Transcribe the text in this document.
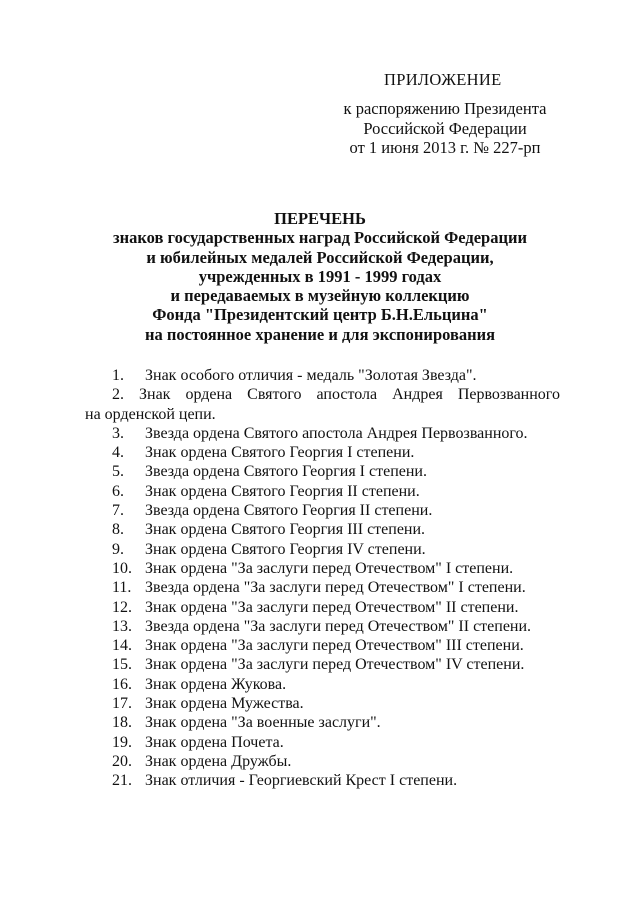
ПРИЛОЖЕНИЕ
к распоряжению Президента
Российской Федерации
от 1 июня 2013 г. № 227-рп
ПЕРЕЧЕНЬ
знаков государственных наград Российской Федерации
и юбилейных медалей Российской Федерации,
учрежденных в 1991 - 1999 годах
и передаваемых в музейную коллекцию
Фонда "Президентский центр Б.Н.Ельцина"
на постоянное хранение и для экспонирования
1.	Знак особого отличия - медаль "Золотая Звезда".
2. Знак ордена Святого апостола Андрея Первозванного
на орденской цепи.
3.	Звезда ордена Святого апостола Андрея Первозванного.
4.	Знак ордена Святого Георгия I степени.
5.	Звезда ордена Святого Георгия I степени.
6.	Знак ордена Святого Георгия II степени.
7.	Звезда ордена Святого Георгия II степени.
8.	Знак ордена Святого Георгия III степени.
9.	Знак ордена Святого Георгия IV степени.
10. Знак ордена "За заслуги перед Отечеством" I степени.
11. Звезда ордена "За заслуги перед Отечеством" I степени.
12. Знак ордена "За заслуги перед Отечеством" II степени.
13. Звезда ордена "За заслуги перед Отечеством" II степени.
14. Знак ордена "За заслуги перед Отечеством" III степени.
15. Знак ордена "За заслуги перед Отечеством" IV степени.
16. Знак ордена Жукова.
17. Знак ордена Мужества.
18. Знак ордена "За военные заслуги".
19. Знак ордена Почета.
20. Знак ордена Дружбы.
21. Знак отличия - Георгиевский Крест I степени.
